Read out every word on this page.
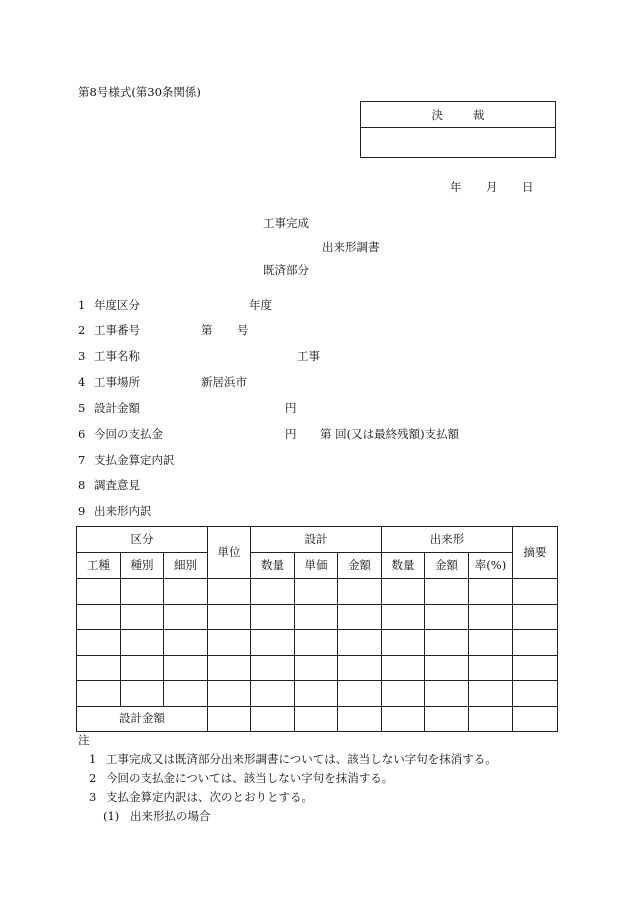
第8号様式(第30条関係)
決	裁
年 月 日
工事完成
出来形調書
既済部分
1 年度区分	年度
2 工事番号	第 号
3 工事名称	工事
4 工事場所	新居浜市
5 設計金額	円
6 今回の支払金	円 第 回(又は最終残額)支払額
7 支払金算定内訳
8 調査意見
9 出来形内訳
区分			単位	設計			出来形			摘要
工種	種別	細別		数量	単価	金額	数量	金額	率(%)	

設計金額										
注
1 工事完成又は既済部分出来形調書については、該当しない字句を抹消する。
2 今回の支払金については、該当しない字句を抹消する。
3 支払金算定内訳は、次のとおりとする。
(1) 出来形払の場合
